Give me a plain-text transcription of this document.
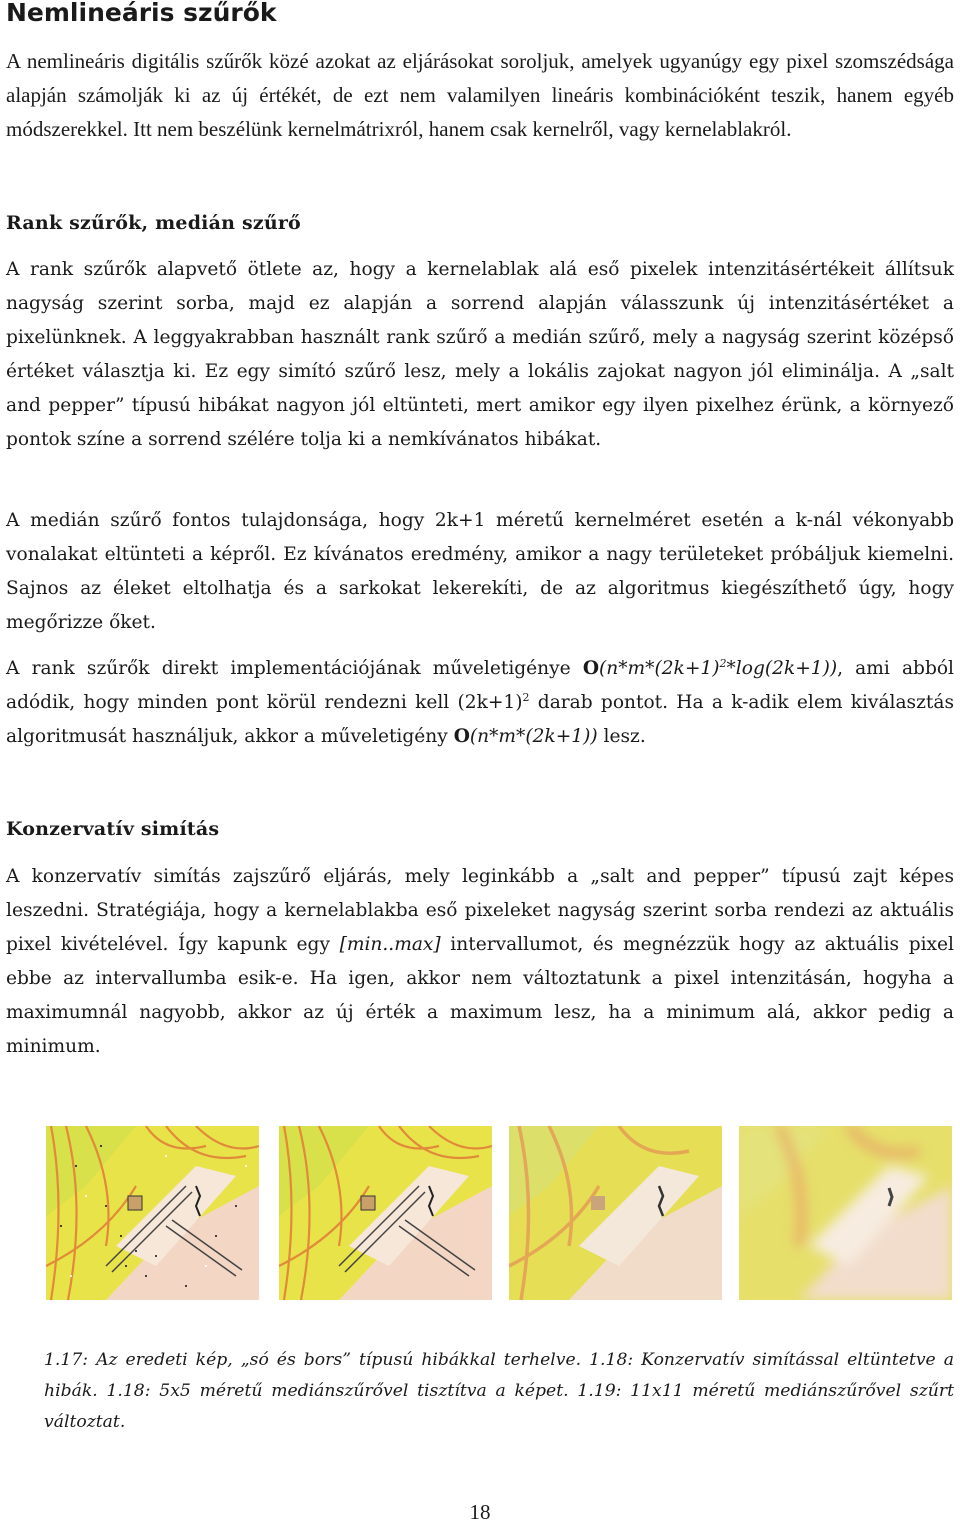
Nemlineáris szűrők

A nemlineáris digitális szűrők közé azokat az eljárásokat soroljuk, amelyek ugyanúgy egy pixel szomszédsága alapján számolják ki az új értékét, de ezt nem valamilyen lineáris kombinációként teszik, hanem egyéb módszerekkel. Itt nem beszélünk kernelmátrixról, hanem csak kernelről, vagy kernelablakról.

Rank szűrők, medián szűrő

A rank szűrők alapvető ötlete az, hogy a kernelablak alá eső pixelek intenzitásértékeit állítsuk nagyság szerint sorba, majd ez alapján a sorrend alapján válasszunk új intenzitásértéket a pixelünknek. A leggyakrabban használt rank szűrő a medián szűrő, mely a nagyság szerint középső értéket választja ki. Ez egy simító szűrő lesz, mely a lokális zajokat nagyon jól eliminálja. A „salt and pepper” típusú hibákat nagyon jól eltünteti, mert amikor egy ilyen pixelhez érünk, a környező pontok színe a sorrend szélére tolja ki a nemkívánatos hibákat.

A medián szűrő fontos tulajdonsága, hogy 2k+1 méretű kernelméret esetén a k-nál vékonyabb vonalakat eltünteti a képről. Ez kívánatos eredmény, amikor a nagy területeket próbáljuk kiemelni. Sajnos az éleket eltolhatja és a sarkokat lekerekíti, de az algoritmus kiegészíthető úgy, hogy megőrizze őket.

A rank szűrők direkt implementációjának műveletigénye $O(n*m*(2k+1)^2*\log(2k+1))$, ami abból adódik, hogy minden pont körül rendezni kell $(2k+1)^2$ darab pontot. Ha a k-adik elem kiválasztás algoritmusát használjuk, akkor a műveletigény O(n*m*(2k+1)) lesz.

Konzervatív simítás

A konzervatív simítás zajszűrő eljárás, mely leginkább a „salt and pepper” típusú zajt képes leszedni. Stratégiája, hogy a kernelablakba eső pixeleket nagyság szerint sorba rendezi az aktuális pixel kivételével. Így kapunk egy [min..max] intervallumot, és megnézzük hogy az aktuális pixel ebbe az intervallumba esik-e. Ha igen, akkor nem változtatunk a pixel intenzitásán, hogyha a maximumnál nagyobb, akkor az új érték a maximum lesz, ha a minimum alá, akkor pedig a minimum.

1.17: Az eredeti kép, „só és bors” típusú hibákkal terhelve. 1.18: Konzervatív simítással eltüntetve a hibák. 1.18: 5x5 méretű mediánszűrővel tisztítva a képet. 1.19: 11x11 méretű mediánszűrővel szűrt változtat.

18
